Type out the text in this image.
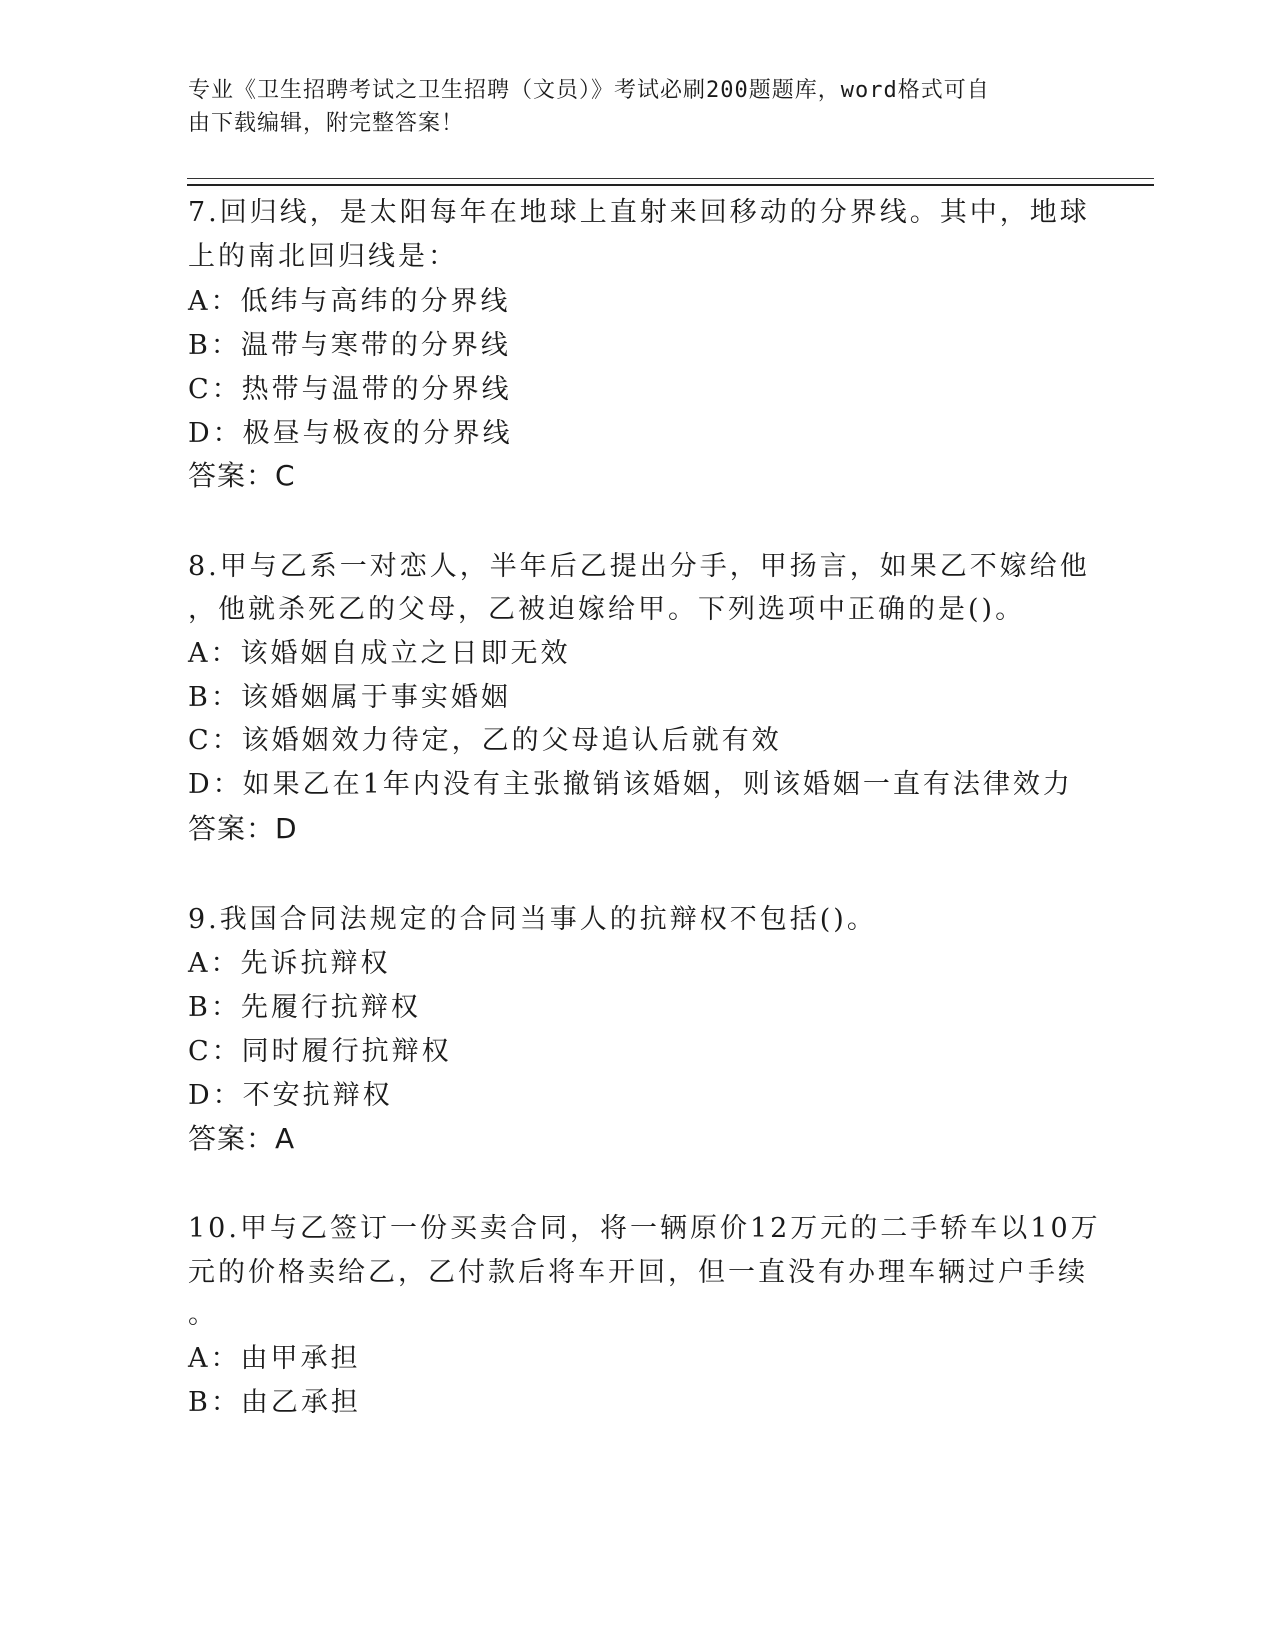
专业《卫生招聘考试之卫生招聘（文员）》考试必刷200题题库，word格式可自
由下载编辑，附完整答案！
7.回归线，是太阳每年在地球上直射来回移动的分界线。其中，地球
上的南北回归线是：
A：低纬与高纬的分界线
B：温带与寒带的分界线
C：热带与温带的分界线
D：极昼与极夜的分界线
答案：C
8.甲与乙系一对恋人，半年后乙提出分手，甲扬言，如果乙不嫁给他
，他就杀死乙的父母，乙被迫嫁给甲。下列选项中正确的是()。
A：该婚姻自成立之日即无效
B：该婚姻属于事实婚姻
C：该婚姻效力待定，乙的父母追认后就有效
D：如果乙在1年内没有主张撤销该婚姻，则该婚姻一直有法律效力
答案：D
9.我国合同法规定的合同当事人的抗辩权不包括()。
A：先诉抗辩权
B：先履行抗辩权
C：同时履行抗辩权
D：不安抗辩权
答案：A
10.甲与乙签订一份买卖合同，将一辆原价12万元的二手轿车以10万
元的价格卖给乙，乙付款后将车开回，但一直没有办理车辆过户手续
。
A：由甲承担
B：由乙承担
